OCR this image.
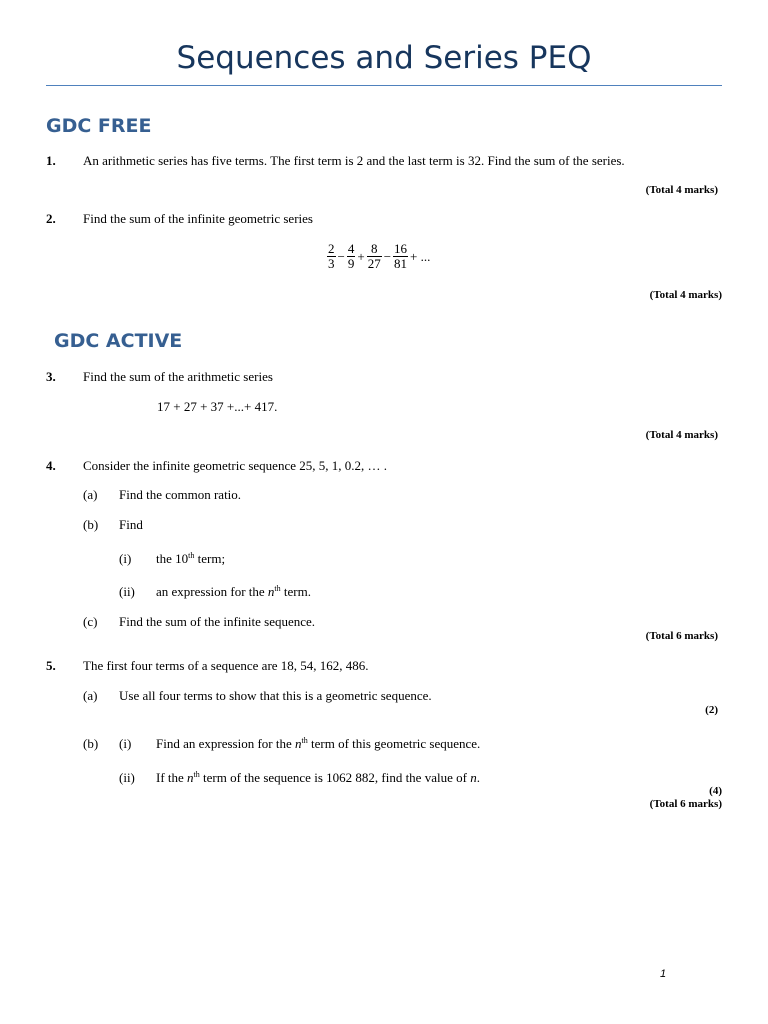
Sequences and Series PEQ
GDC FREE
1. An arithmetic series has five terms. The first term is 2 and the last term is 32. Find the sum of the series.
(Total 4 marks)
2. Find the sum of the infinite geometric series
$\frac{2}{3} - \frac{4}{9} + \frac{8}{27} - \frac{16}{81}$ + ...
(Total 4 marks)
GDC ACTIVE
3. Find the sum of the arithmetic series
17 + 27 + 37 +...+ 417.
(Total 4 marks)
4. Consider the infinite geometric sequence 25, 5, 1, 0.2, … .
(a) Find the common ratio.
(b) Find
(i) the 10th term;
(ii) an expression for the $n^{th}$ term.
(c) Find the sum of the infinite sequence.
(Total 6 marks)
5. The first four terms of a sequence are 18, 54, 162, 486.
(a) Use all four terms to show that this is a geometric sequence.
(2)
(b) (i) Find an expression for the $n^{th}$ term of this geometric sequence.
(ii) If the $n^{th}$ term of the sequence is 1062 882, find the value of n.
(4)
(Total 6 marks)
1
